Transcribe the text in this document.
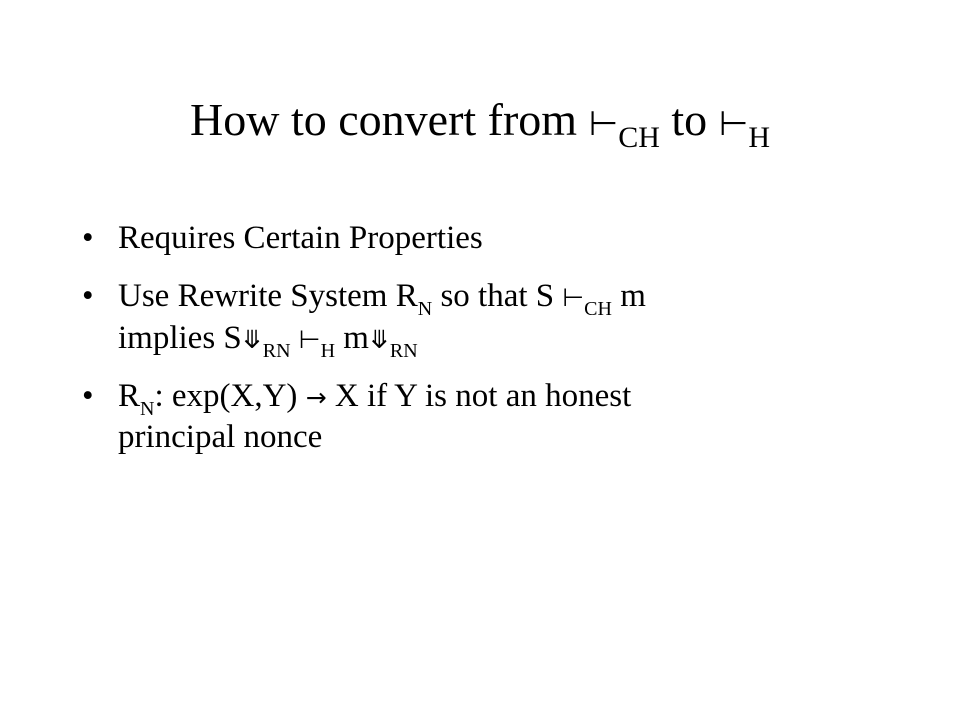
How to convert from $⊢_{CH}$ to $⊢_H$
• Requires Certain Properties
• Use Rewrite System $R_N$ so that S $⊢_{CH}$ m
implies $S⤋_{RN}$ $⊢_H$ $m⤋_{RN}$
• $R_N$: exp(X,Y) → X if Y is not an honest
principal nonce
